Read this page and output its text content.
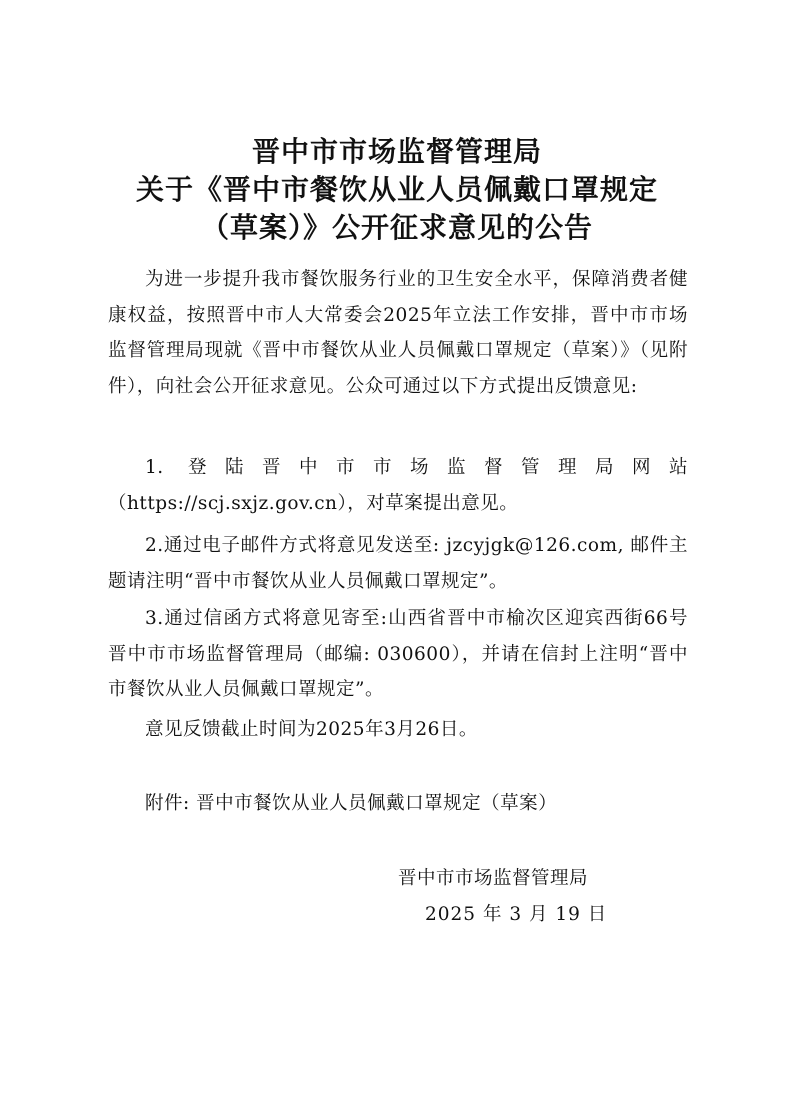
晋中市市场监督管理局
关于《晋中市餐饮从业人员佩戴口罩规定
（草案）》公开征求意见的公告

为进一步提升我市餐饮服务行业的卫生安全水平，保障消费者健康权益，按照晋中市人大常委会2025年立法工作安排，晋中市市场监督管理局现就《晋中市餐饮从业人员佩戴口罩规定（草案）》（见附件），向社会公开征求意见。公众可通过以下方式提出反馈意见:

1. 登陆晋中市市场监督管理局网站（https://scj.sxjz.gov.cn），对草案提出意见。

2.通过电子邮件方式将意见发送至: jzcyjgk@126.com, 邮件主题请注明“晋中市餐饮从业人员佩戴口罩规定”。

3.通过信函方式将意见寄至:山西省晋中市榆次区迎宾西街66号晋中市市场监督管理局（邮编: 030600），并请在信封上注明“晋中市餐饮从业人员佩戴口罩规定”。

意见反馈截止时间为2025年3月26日。

附件: 晋中市餐饮从业人员佩戴口罩规定（草案）
晋中市市场监督管理局
2025 年 3 月 19 日
